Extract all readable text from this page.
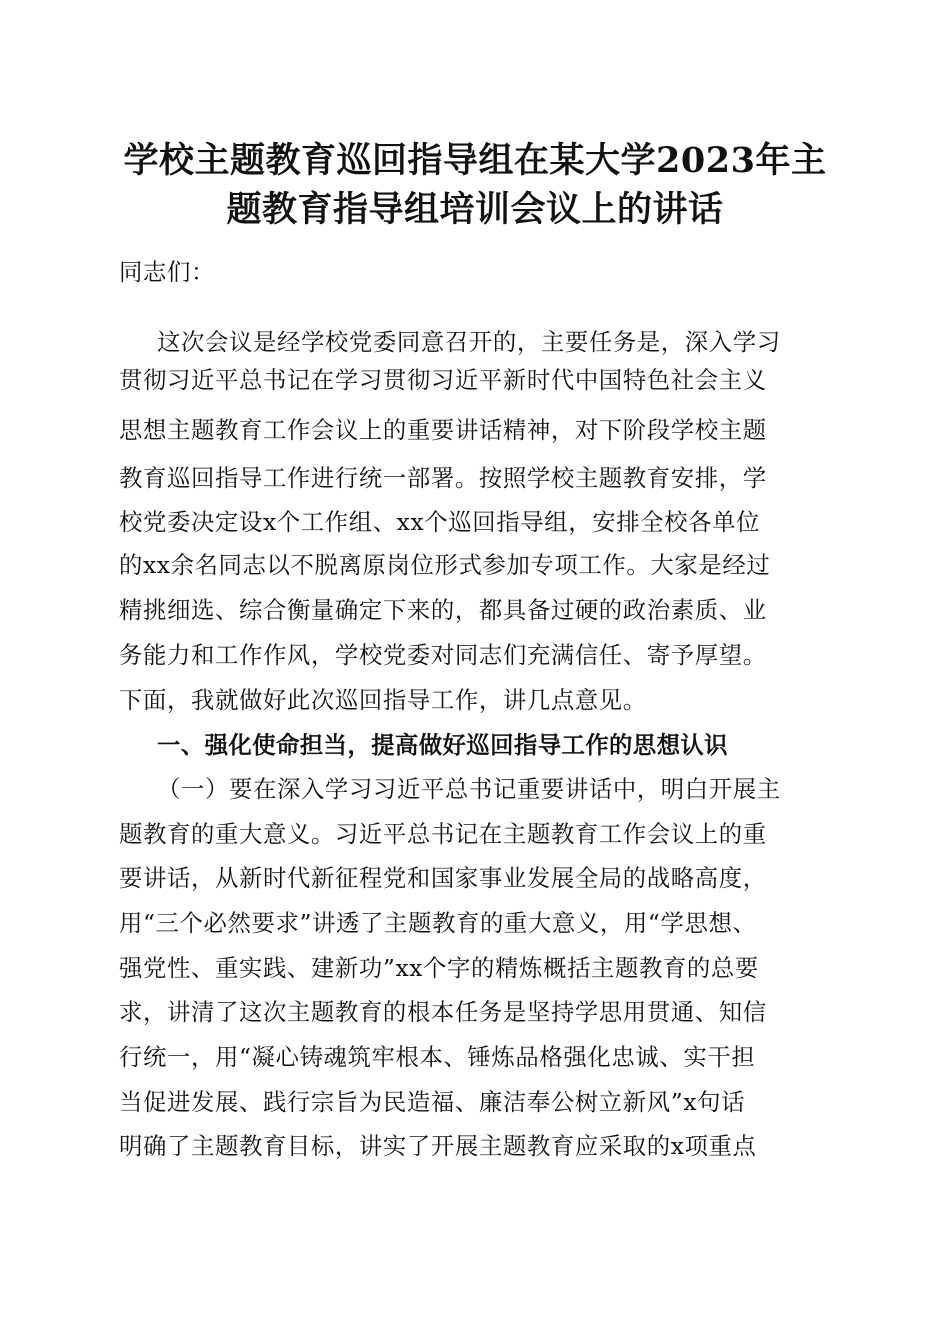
学校主题教育巡回指导组在某大学2023年主
题教育指导组培训会议上的讲话
同志们：
这次会议是经学校党委同意召开的，主要任务是，深入学习
贯彻习近平总书记在学习贯彻习近平新时代中国特色社会主义
思想主题教育工作会议上的重要讲话精神，对下阶段学校主题
教育巡回指导工作进行统一部署。按照学校主题教育安排，学
校党委决定设x个工作组、xx个巡回指导组，安排全校各单位
的xx余名同志以不脱离原岗位形式参加专项工作。大家是经过
精挑细选、综合衡量确定下来的，都具备过硬的政治素质、业
务能力和工作作风，学校党委对同志们充满信任、寄予厚望。
下面，我就做好此次巡回指导工作，讲几点意见。
一、强化使命担当，提高做好巡回指导工作的思想认识
（一）要在深入学习习近平总书记重要讲话中，明白开展主
题教育的重大意义。习近平总书记在主题教育工作会议上的重
要讲话，从新时代新征程党和国家事业发展全局的战略高度，
用“三个必然要求”讲透了主题教育的重大意义，用“学思想、
强党性、重实践、建新功”xx个字的精炼概括主题教育的总要
求，讲清了这次主题教育的根本任务是坚持学思用贯通、知信
行统一，用“凝心铸魂筑牢根本、锤炼品格强化忠诚、实干担
当促进发展、践行宗旨为民造福、廉洁奉公树立新风”x句话
明确了主题教育目标，讲实了开展主题教育应采取的x项重点
